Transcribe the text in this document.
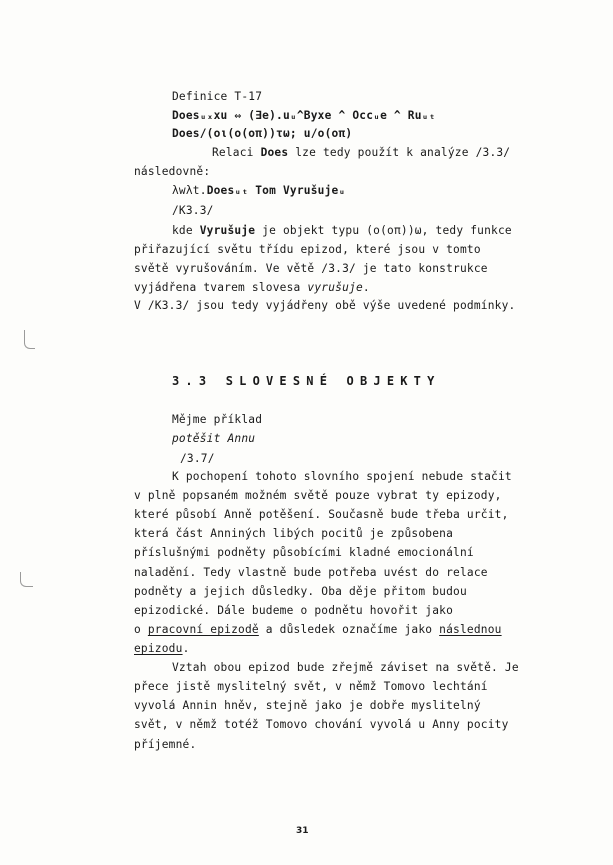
Definice T-17
Doesᵤₓxu ⇔ (∃e).uᵤ^Byxe ^ Occᵤe ^ Ruᵤₜ
Does/(oι(o(oπ))τω; u/o(oπ)
Relaci Does lze tedy použít k analýze /3.3/
následovně:
λwλt.Doesᵤₜ Tom Vyrušujeᵤ
/K3.3/
kde Vyrušuje je objekt typu (o(oπ))ω, tedy funkce
přiřazující světu třídu epizod, které jsou v tomto
světě vyrušováním. Ve větě /3.3/ je tato konstrukce
vyjádřena tvarem slovesa vyrušuje.
V /K3.3/ jsou tedy vyjádřeny obě výše uvedené podmínky.
3.3 SLOVESNÉ OBJEKTY
Mějme příklad
potěšit Annu
/3.7/
K pochopení tohoto slovního spojení nebude stačit
v plně popsaném možném světě pouze vybrat ty epizody,
které působí Anně potěšení. Současně bude třeba určit,
která část Anniných libých pocitů je způsobena
příslušnými podněty působícími kladné emocionální
naladění. Tedy vlastně bude potřeba uvést do relace
podněty a jejich důsledky. Oba děje přitom budou
epizodické. Dále budeme o podnětu hovořit jako
o pracovní epizodě a důsledek označíme jako následnou
epizodu.
Vztah obou epizod bude zřejmě záviset na světě. Je
přece jistě myslitelný svět, v němž Tomovo lechtání
vyvolá Annin hněv, stejně jako je dobře myslitelný
svět, v němž totéž Tomovo chování vyvolá u Anny pocity
příjemné.
31
